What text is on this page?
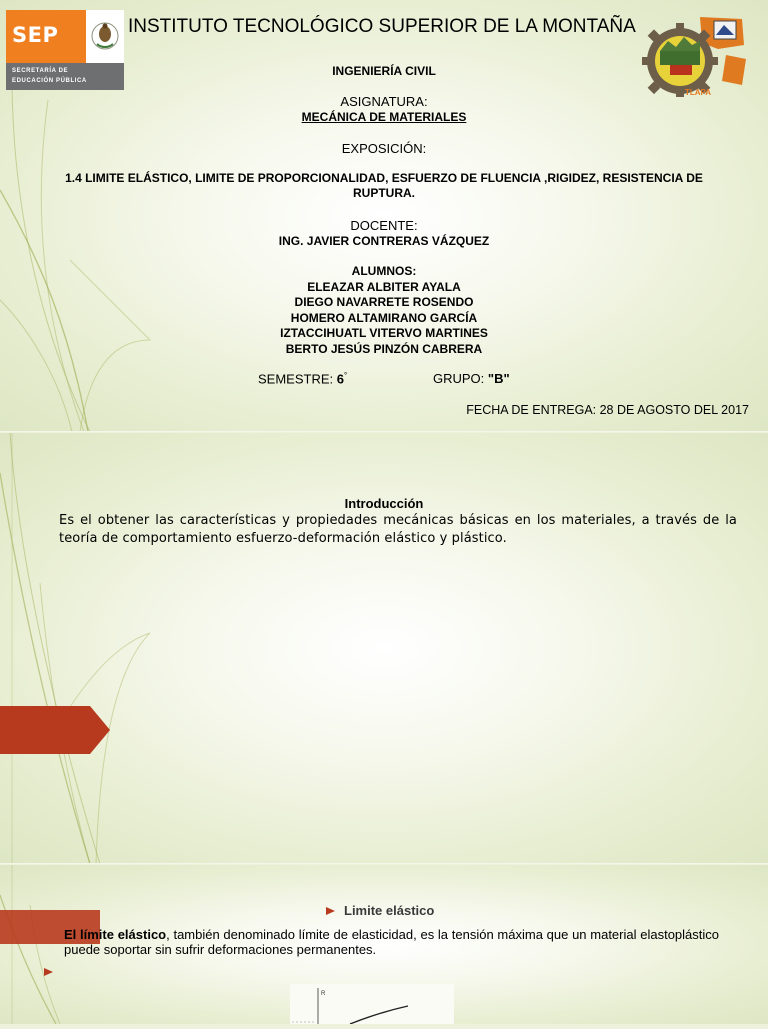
SEP
SECRETARÍA DE
EDUCACIÓN PÚBLICA
INSTITUTO TECNOLÓGICO SUPERIOR DE LA MONTAÑA
TLAPA
INGENIERÍA CIVIL
ASIGNATURA:
MECÁNICA DE MATERIALES
EXPOSICIÓN:
1.4 LIMITE ELÁSTICO, LIMITE DE PROPORCIONALIDAD, ESFUERZO DE FLUENCIA ,RIGIDEZ, RESISTENCIA DE
RUPTURA.
DOCENTE:
ING. JAVIER CONTRERAS VÁZQUEZ
ALUMNOS:
ELEAZAR ALBITER AYALA
DIEGO NAVARRETE ROSENDO
HOMERO ALTAMIRANO GARCÍA
IZTACCIHUATL VITERVO MARTINES
BERTO JESÚS PINZÓN CABRERA
SEMESTRE: 6°	GRUPO: "B"
FECHA DE ENTREGA: 28 DE AGOSTO DEL 2017
Introducción
Es el obtener las características y propiedades mecánicas básicas en los materiales, a través de la teoría de comportamiento esfuerzo-deformación elástico y plástico.
Limite elástico
El límite elástico, también denominado límite de elasticidad, es la tensión máxima que un material elastoplástico puede soportar sin sufrir deformaciones permanentes.
R
